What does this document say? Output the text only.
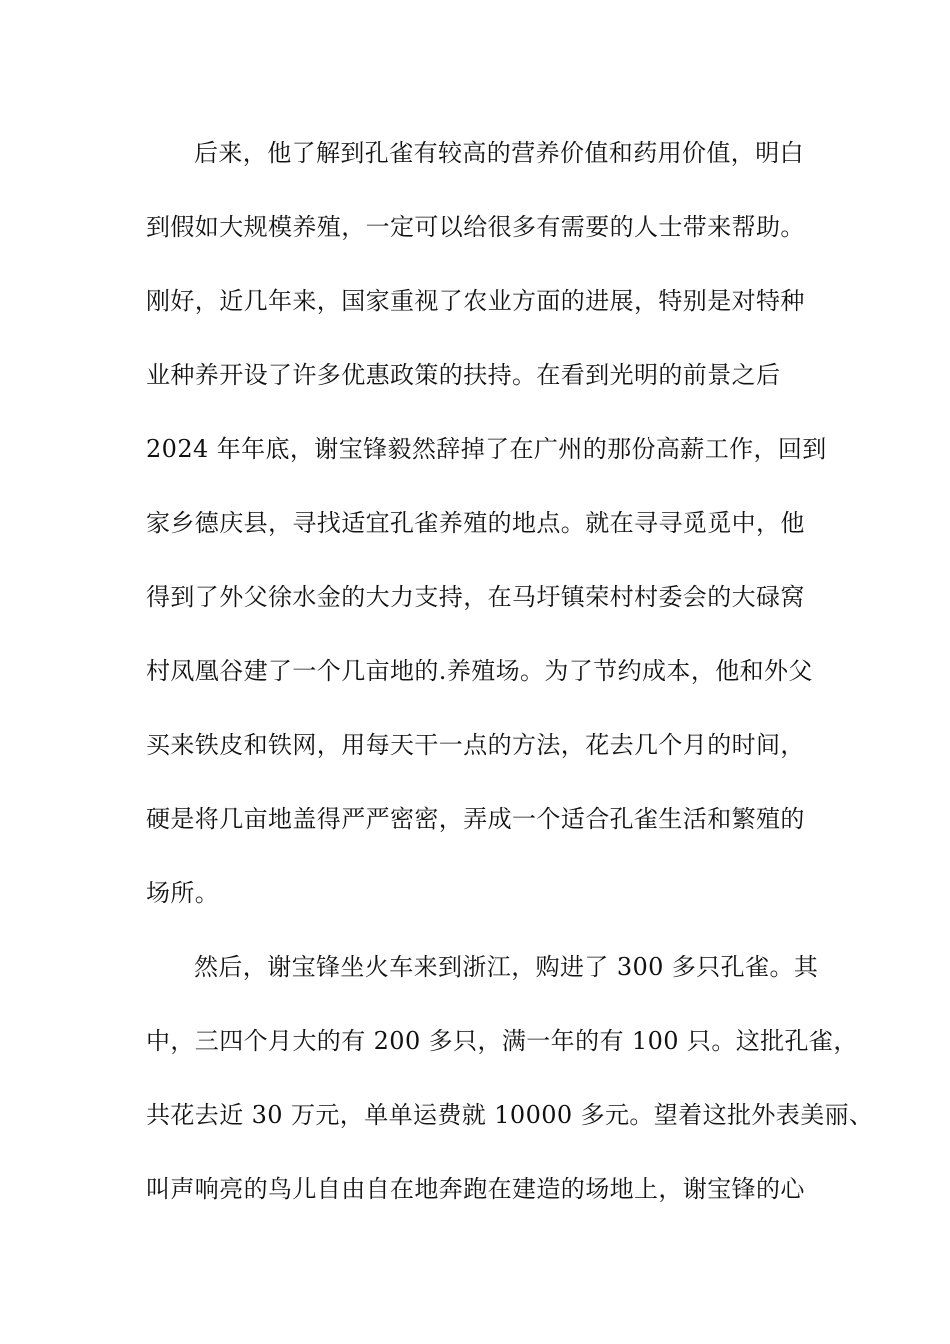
后来，他了解到孔雀有较高的营养价值和药用价值，明白
到假如大规模养殖，一定可以给很多有需要的人士带来帮助。
刚好，近几年来，国家重视了农业方面的进展，特别是对特种
业种养开设了许多优惠政策的扶持。在看到光明的前景之后
2024 年年底，谢宝锋毅然辞掉了在广州的那份高薪工作，回到
家乡德庆县，寻找适宜孔雀养殖的地点。就在寻寻觅觅中，他
得到了外父徐水金的大力支持，在马圩镇荣村村委会的大碌窝
村凤凰谷建了一个几亩地的.养殖场。为了节约成本，他和外父
买来铁皮和铁网，用每天干一点的方法，花去几个月的时间，
硬是将几亩地盖得严严密密，弄成一个适合孔雀生活和繁殖的
场所。
然后，谢宝锋坐火车来到浙江，购进了 300 多只孔雀。其
中，三四个月大的有 200 多只，满一年的有 100 只。这批孔雀，
共花去近 30 万元，单单运费就 10000 多元。望着这批外表美丽、
叫声响亮的鸟儿自由自在地奔跑在建造的场地上，谢宝锋的心
